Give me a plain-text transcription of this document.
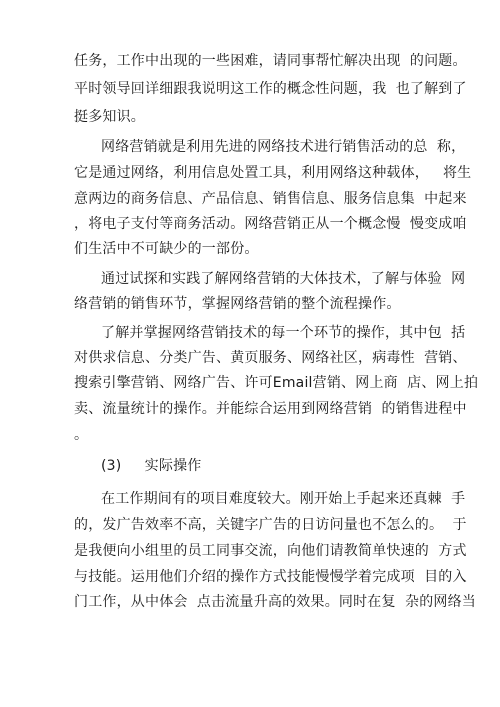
任务，工作中出现的一些困难，请同事帮忙解决出现  的问题。
平时领导回详细跟我说明这工作的概念性问题，我  也了解到了
挺多知识。
网络营销就是利用先进的网络技术进行销售活动的总  称，
它是通过网络，利用信息处置工具，利用网络这种载体，   将生
意两边的商务信息、产品信息、销售信息、服务信息集  中起来
，将电子支付等商务活动。网络营销正从一个概念慢  慢变成咱
们生活中不可缺少的一部份。
通过试探和实践了解网络营销的大体技术，了解与体验  网
络营销的销售环节，掌握网络营销的整个流程操作。
了解并掌握网络营销技术的每一个环节的操作，其中包  括
对供求信息、分类广告、黄页服务、网络社区，病毒性  营销、
搜索引擎营销、网络广告、许可Email营销、网上商  店、网上拍
卖、流量统计的操作。并能综合运用到网络营销  的销售进程中
。
(3)     实际操作
在工作期间有的项目难度较大。刚开始上手起来还真棘  手
的，发广告效率不高，关键字广告的日访问量也不怎么的。  于
是我便向小组里的员工同事交流，向他们请教简单快速的  方式
与技能。运用他们介绍的操作方式技能慢慢学着完成项  目的入
门工作，从中体会  点击流量升高的效果。同时在复  杂的网络当
